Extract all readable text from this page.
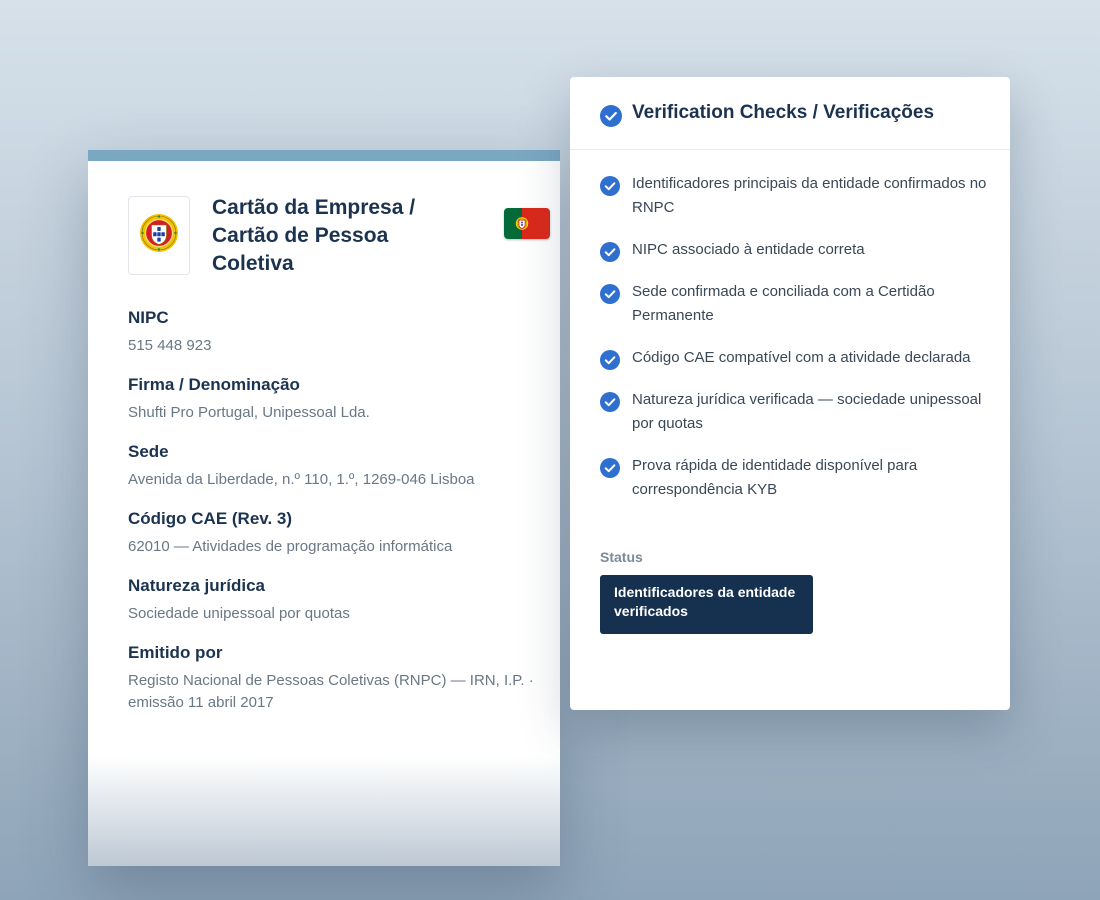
Cartão da Empresa / Cartão de Pessoa Coletiva
NIPC
515 448 923
Firma / Denominação
Shufti Pro Portugal, Unipessoal Lda.
Sede
Avenida da Liberdade, n.º 110, 1.º, 1269-046 Lisboa
Código CAE (Rev. 3)
62010 — Atividades de programação informática
Natureza jurídica
Sociedade unipessoal por quotas
Emitido por
Registo Nacional de Pessoas Coletivas (RNPC) — IRN, I.P. · emissão 11 abril 2017
Verification Checks / Verificações
Identificadores principais da entidade confirmados no RNPC
NIPC associado à entidade correta
Sede confirmada e conciliada com a Certidão Permanente
Código CAE compatível com a atividade declarada
Natureza jurídica verificada — sociedade unipessoal por quotas
Prova rápida de identidade disponível para correspondência KYB
Status
Identificadores da entidade verificados
